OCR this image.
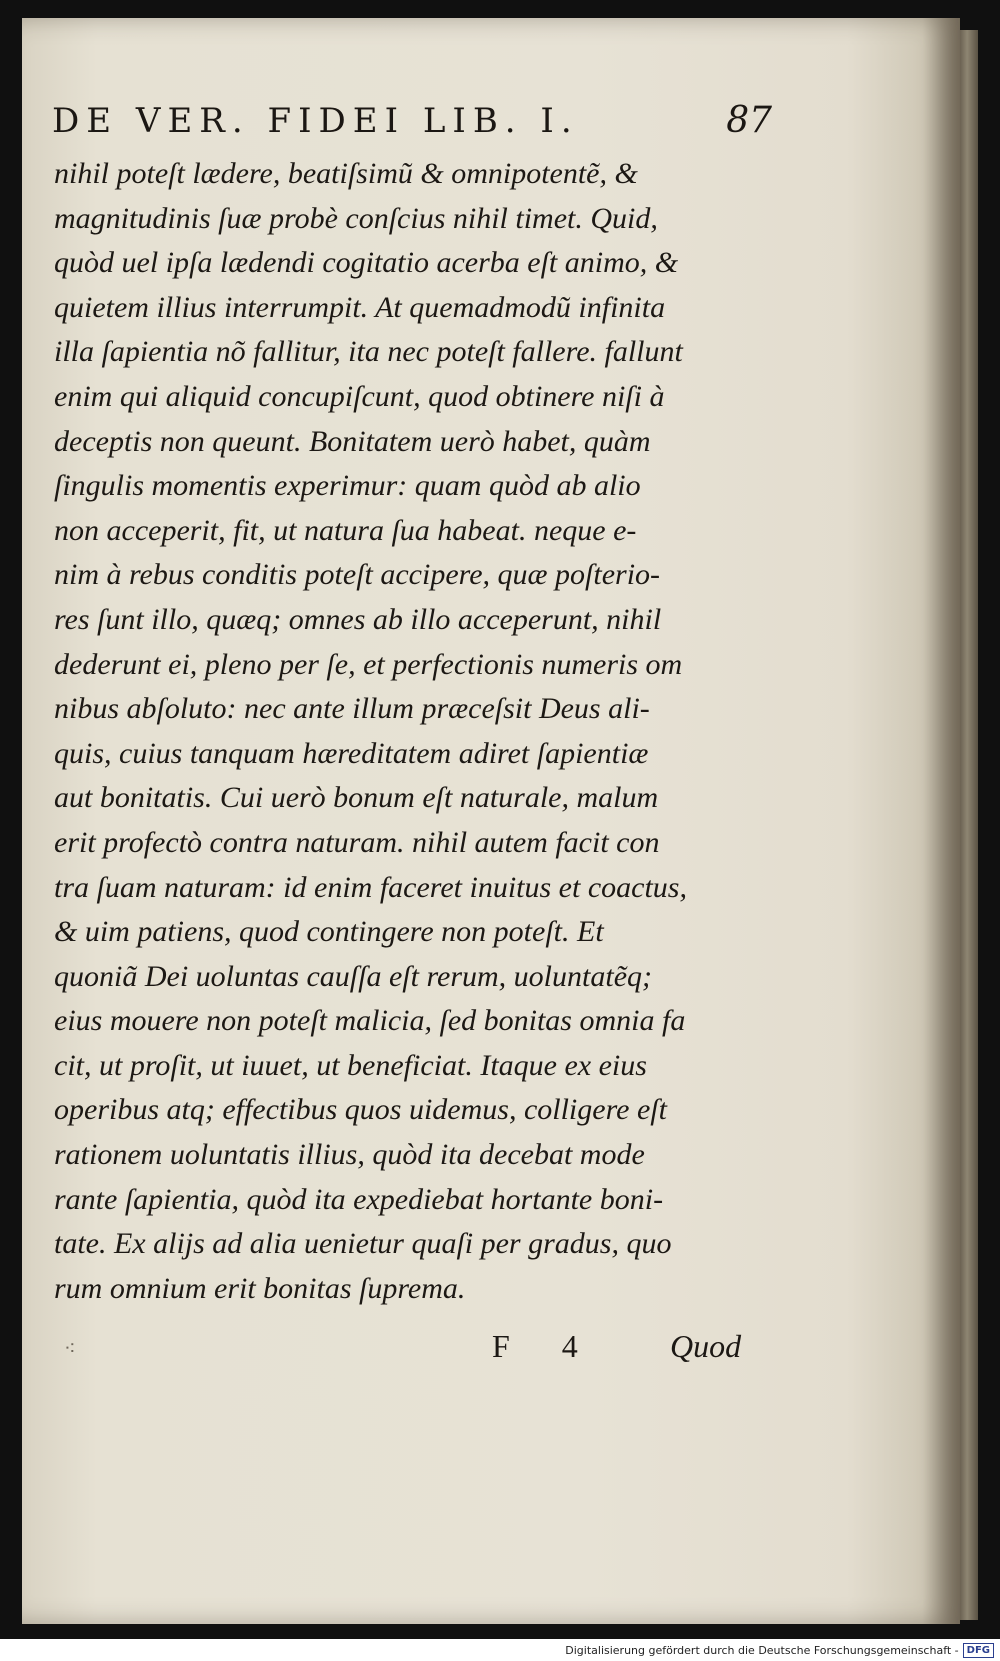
DE VER. FIDEI LIB. I.	87
nihil poteſt lædere, beatiſsimũ & omnipotentẽ, &
magnitudinis ſuæ probè conſcius nihil timet. Quid,
quòd uel ipſa lædendi cogitatio acerba eſt animo, &
quietem illius interrumpit. At quemadmodũ infinita
illa ſapientia nõ fallitur, ita nec poteſt fallere. fallunt
enim qui aliquid concupiſcunt, quod obtinere niſi à
deceptis non queunt. Bonitatem uerò habet, quàm
ſingulis momentis experimur: quam quòd ab alio
non acceperit, fit, ut natura ſua habeat. neque e-
nim à rebus conditis poteſt accipere, quæ poſterio-
res ſunt illo, quæq; omnes ab illo acceperunt, nihil
dederunt ei, pleno per ſe, et perfectionis numeris om
nibus abſoluto: nec ante illum præceſsit Deus ali-
quis, cuius tanquam hæreditatem adiret ſapientiæ
aut bonitatis. Cui uerò bonum eſt naturale, malum
erit profectò contra naturam. nihil autem facit con
tra ſuam naturam: id enim faceret inuitus et coactus,
& uim patiens, quod contingere non poteſt. Et
quoniã Dei uoluntas cauſſa eſt rerum, uoluntatẽq;
eius mouere non poteſt malicia, ſed bonitas omnia fa
cit, ut proſit, ut iuuet, ut beneficiat. Itaque ex eius
operibus atq; effectibus quos uidemus, colligere eſt
rationem uoluntatis illius, quòd ita decebat mode
rante ſapientia, quòd ita expediebat hortante boni-
tate. Ex alijs ad alia uenietur quaſi per gradus, quo
rum omnium erit bonitas ſuprema.
⁖	F 4 Quod
Digitalisierung gefördert durch die Deutsche Forschungsgemeinschaft - DFG
